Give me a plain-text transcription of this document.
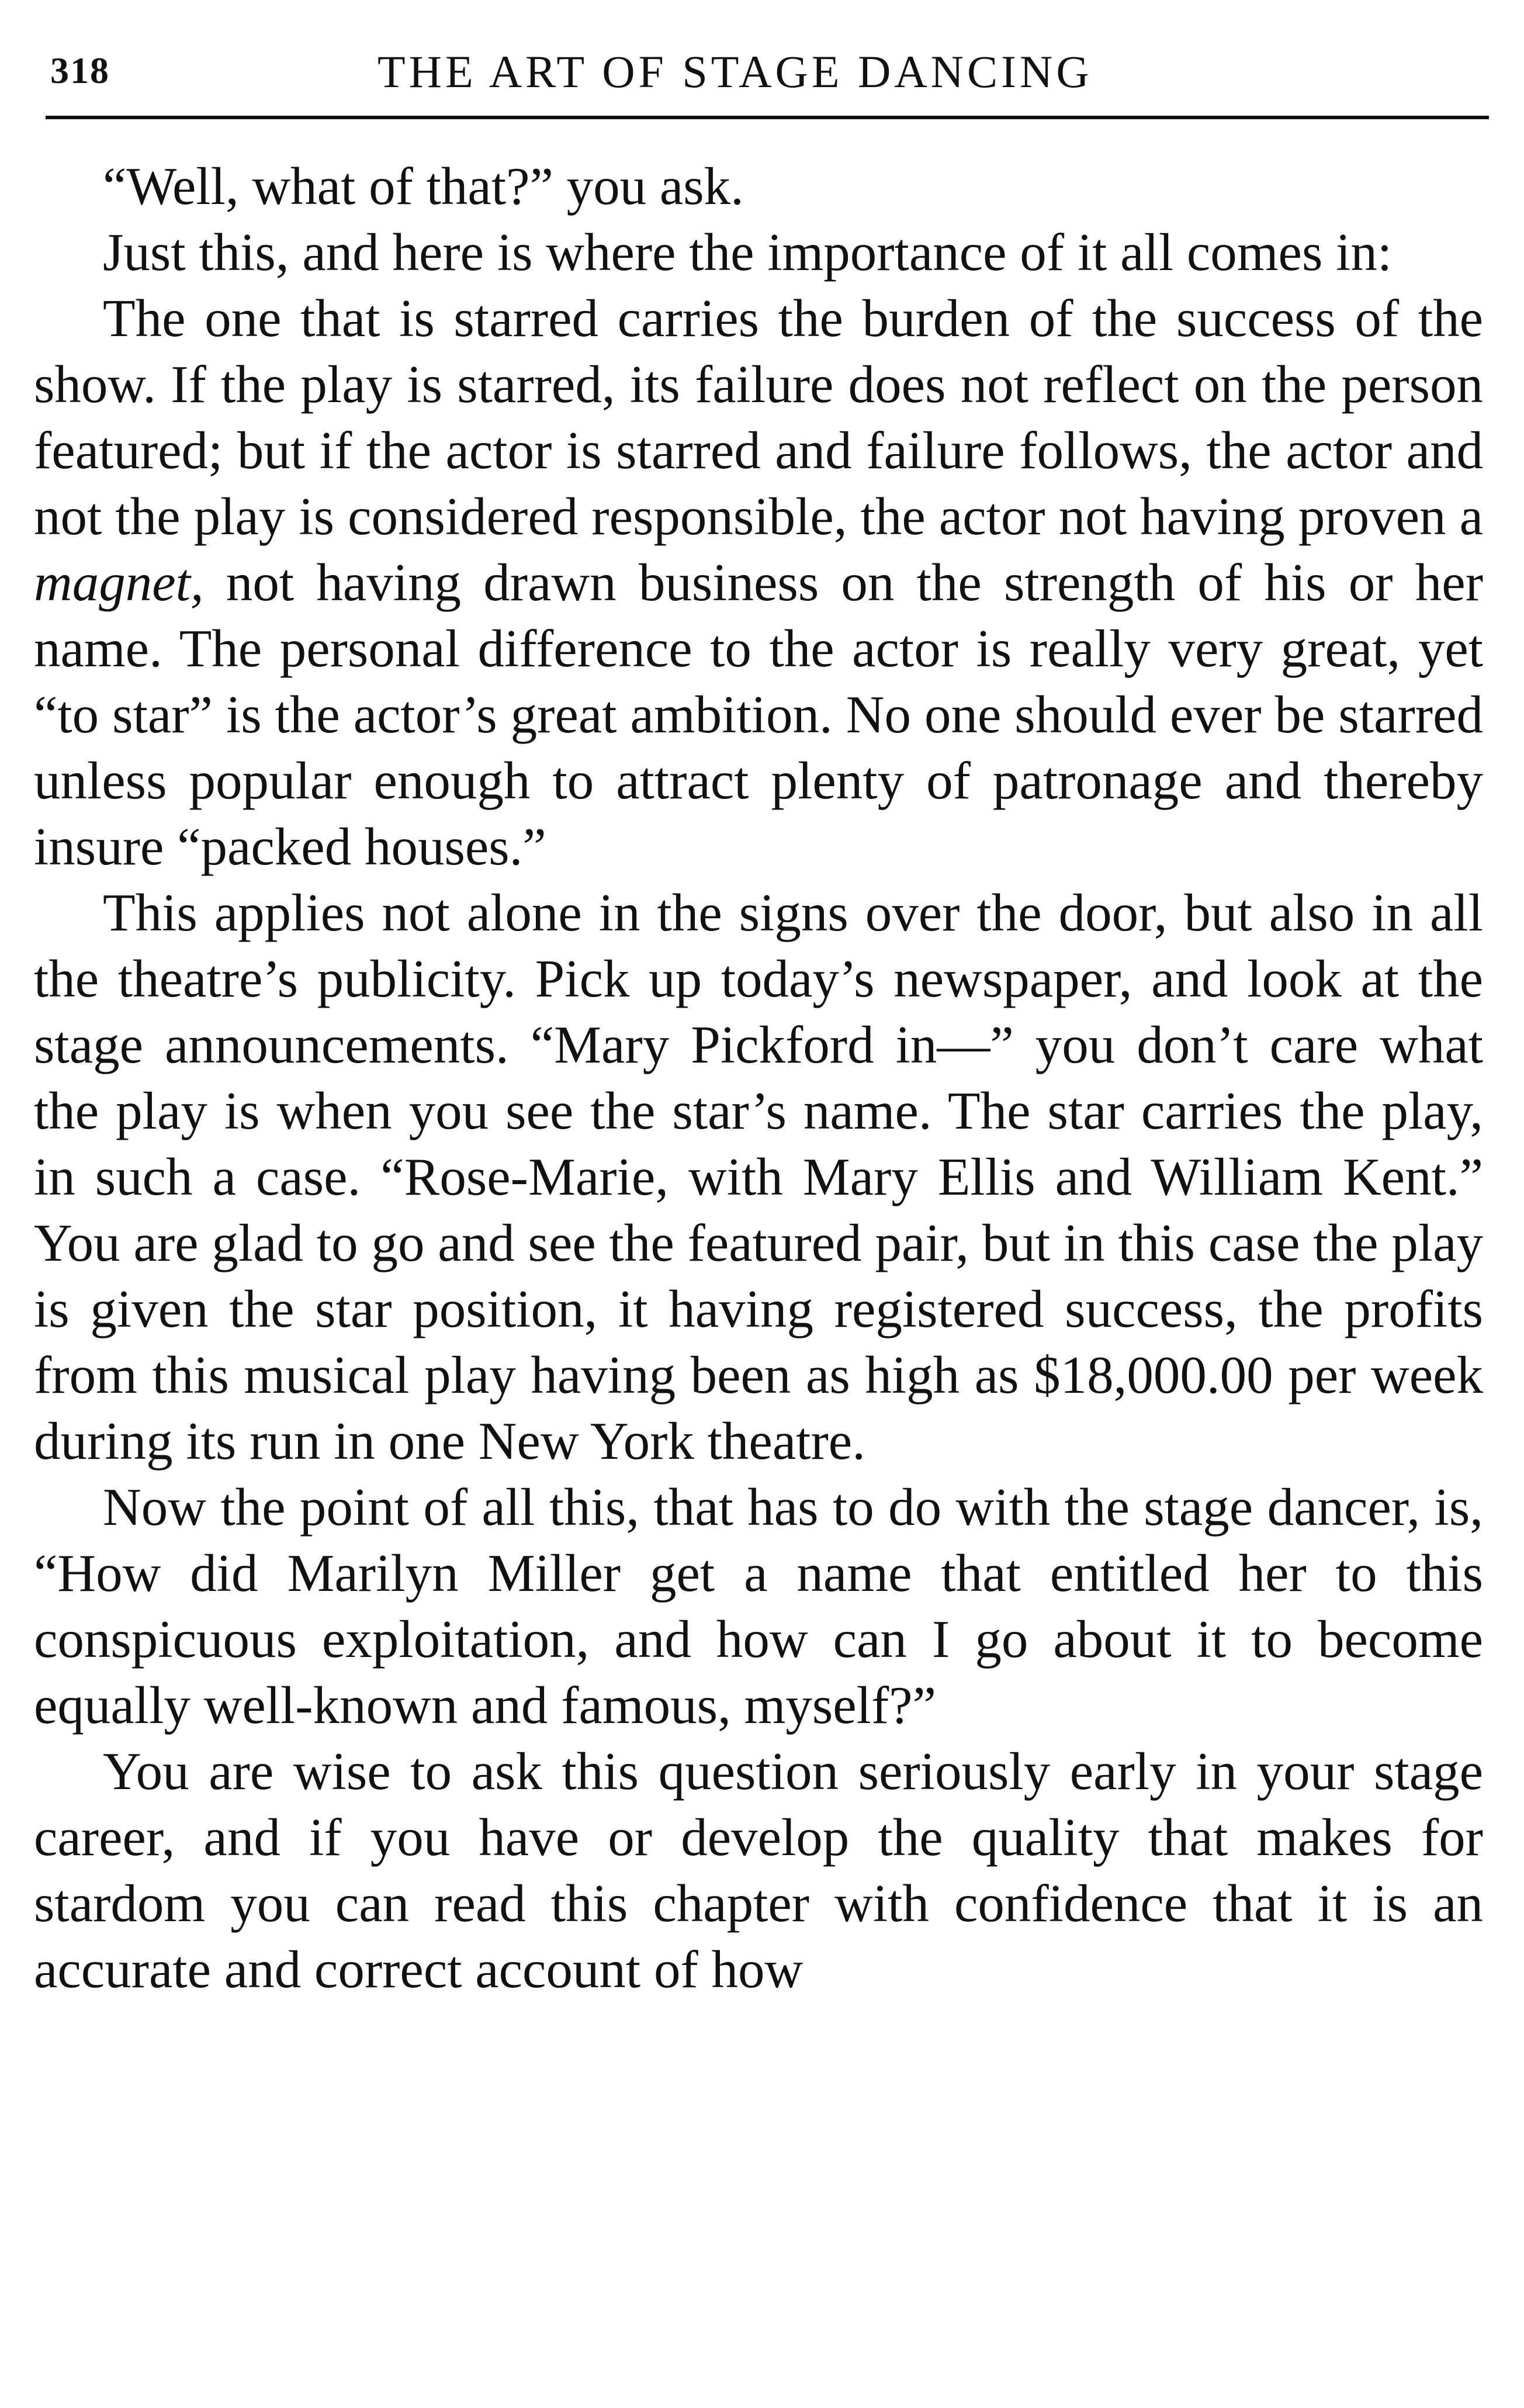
318	THE ART OF STAGE DANCING

“Well, what of that?” you ask.

Just this, and here is where the importance of it all comes in:

The one that is starred carries the burden of the success of the show. If the play is starred, its failure does not reflect on the person featured; but if the actor is starred and failure follows, the actor and not the play is considered responsible, the actor not having proven a magnet, not having drawn business on the strength of his or her name. The personal difference to the actor is really very great, yet “to star” is the actor’s great ambition. No one should ever be starred unless popular enough to attract plenty of patronage and thereby insure “packed houses.”

This applies not alone in the signs over the door, but also in all the theatre’s publicity. Pick up today’s newspaper, and look at the stage announcements. “Mary Pickford in—” you don’t care what the play is when you see the star’s name. The star carries the play, in such a case. “Rose-Marie, with Mary Ellis and William Kent.” You are glad to go and see the featured pair, but in this case the play is given the star position, it having registered success, the profits from this musical play having been as high as $18,000.00 per week during its run in one New York theatre.

Now the point of all this, that has to do with the stage dancer, is, “How did Marilyn Miller get a name that entitled her to this conspicuous exploitation, and how can I go about it to become equally well-known and famous, myself?”

You are wise to ask this question seriously early in your stage career, and if you have or develop the quality that makes for stardom you can read this chapter with confidence that it is an accurate and correct account of how
